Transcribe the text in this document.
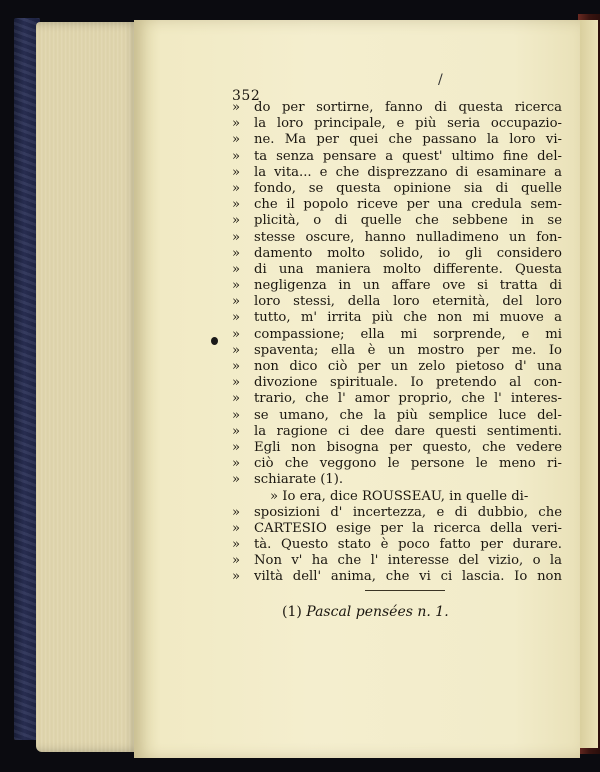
352
/
»	do per sortirne, fanno di questa ricerca
»	la loro principale, e più seria occupazio-
»	ne. Ma per quei che passano la loro vi-
»	ta senza pensare a quest' ultimo fine del-
»	la vita... e che disprezzano di esaminare a
»	fondo, se questa opinione sia di quelle
»	che il popolo riceve per una credula sem-
»	plicità, o di quelle che sebbene in se
»	stesse oscure, hanno nulladimeno un fon-
»	damento molto solido, io gli considero
»	di una maniera molto differente. Questa
»	negligenza in un affare ove si tratta di
»	loro stessi, della loro eternità, del loro
»	tutto, m' irrita più che non mi muove a
»	compassione; ella mi sorprende, e mi
»	spaventa; ella è un mostro per me. Io
»	non dico ciò per un zelo pietoso d' una
»	divozione spirituale. Io pretendo al con-
»	trario, che l' amor proprio, che l' interes-
»	se umano, che la più semplice luce del-
»	la ragione ci dee dare questi sentimenti.
»	Egli non bisogna per questo, che vedere
»	ciò che veggono le persone le meno ri-
»	schiarate (1).
» Io era, dice ROUSSEAU, in quelle di-
»	sposizioni d' incertezza, e di dubbio, che
»	CARTESIO esige per la ricerca della veri-
»	tà. Questo stato è poco fatto per durare.
»	Non v' ha che l' interesse del vizio, o la
»	viltà dell' anima, che vi ci lascia. Io non
(1) Pascal pensées n. 1.
